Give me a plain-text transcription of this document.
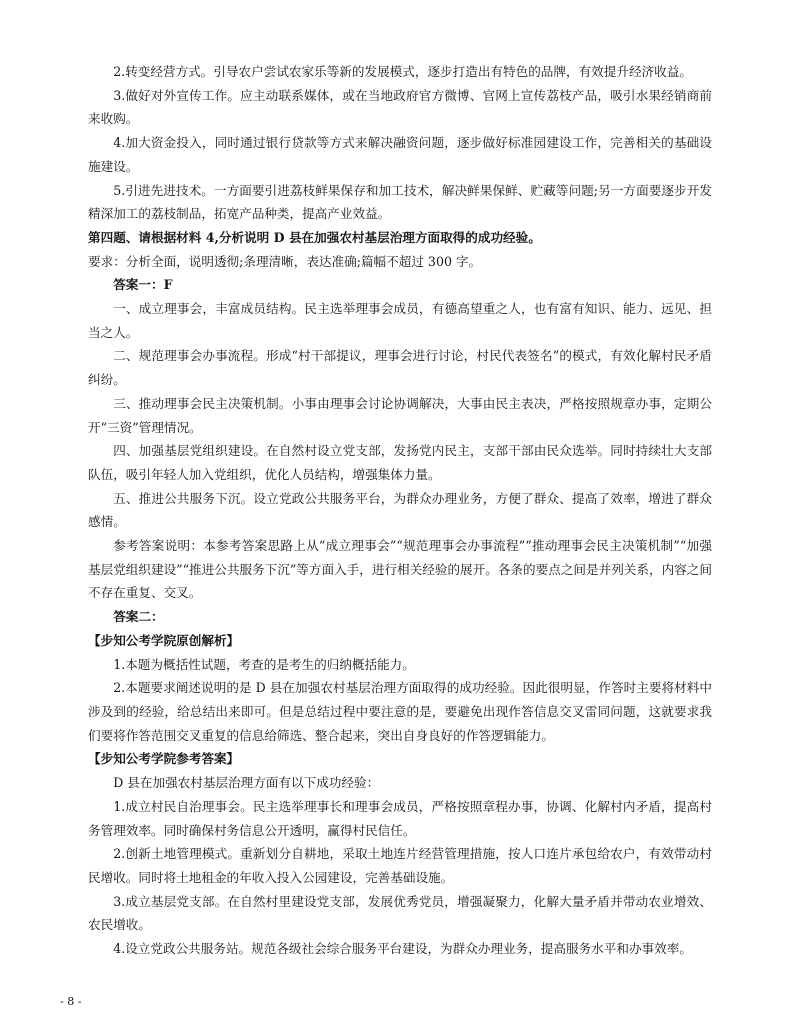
2.转变经营方式。引导农户尝试农家乐等新的发展模式，逐步打造出有特色的品牌，有效提升经济收益。

3.做好对外宣传工作。应主动联系媒体，或在当地政府官方微博、官网上宣传荔枝产品，吸引水果经销商前来收购。

4.加大资金投入，同时通过银行贷款等方式来解决融资问题，逐步做好标准园建设工作，完善相关的基础设施建设。

5.引进先进技术。一方面要引进荔枝鲜果保存和加工技术，解决鲜果保鲜、贮藏等问题;另一方面要逐步开发精深加工的荔枝制品，拓宽产品种类，提高产业效益。

第四题、请根据材料 4,分析说明 D 县在加强农村基层治理方面取得的成功经验。

要求：分析全面，说明透彻;条理清晰，表达准确;篇幅不超过 300 字。

答案一：F

一、成立理事会，丰富成员结构。民主选举理事会成员，有德高望重之人，也有富有知识、能力、远见、担当之人。

二、规范理事会办事流程。形成“村干部提议，理事会进行讨论，村民代表签名”的模式，有效化解村民矛盾纠纷。

三、推动理事会民主决策机制。小事由理事会讨论协调解决，大事由民主表决，严格按照规章办事，定期公开“三资”管理情况。

四、加强基层党组织建设。在自然村设立党支部，发扬党内民主，支部干部由民众选举。同时持续壮大支部队伍，吸引年轻人加入党组织，优化人员结构，增强集体力量。

五、推进公共服务下沉。设立党政公共服务平台，为群众办理业务，方便了群众、提高了效率，增进了群众感情。

参考答案说明：本参考答案思路上从“成立理事会”“规范理事会办事流程”“推动理事会民主决策机制”“加强基层党组织建设”“推进公共服务下沉”等方面入手，进行相关经验的展开。各条的要点之间是并列关系，内容之间不存在重复、交叉。

答案二：

【步知公考学院原创解析】

1.本题为概括性试题，考查的是考生的归纳概括能力。

2.本题要求阐述说明的是 D 县在加强农村基层治理方面取得的成功经验。因此很明显，作答时主要将材料中涉及到的经验，给总结出来即可。但是总结过程中要注意的是，要避免出现作答信息交叉雷同问题，这就要求我们要将作答范围交叉重复的信息给筛选、整合起来，突出自身良好的作答逻辑能力。

【步知公考学院参考答案】

D 县在加强农村基层治理方面有以下成功经验：

1.成立村民自治理事会。民主选举理事长和理事会成员，严格按照章程办事，协调、化解村内矛盾，提高村务管理效率。同时确保村务信息公开透明，赢得村民信任。

2.创新土地管理模式。重新划分自耕地，采取土地连片经营管理措施，按人口连片承包给农户，有效带动村民增收。同时将土地租金的年收入投入公园建设，完善基础设施。

3.成立基层党支部。在自然村里建设党支部，发展优秀党员，增强凝聚力，化解大量矛盾并带动农业增效、农民增收。

4.设立党政公共服务站。规范各级社会综合服务平台建设，为群众办理业务，提高服务水平和办事效率。

- 8 -
